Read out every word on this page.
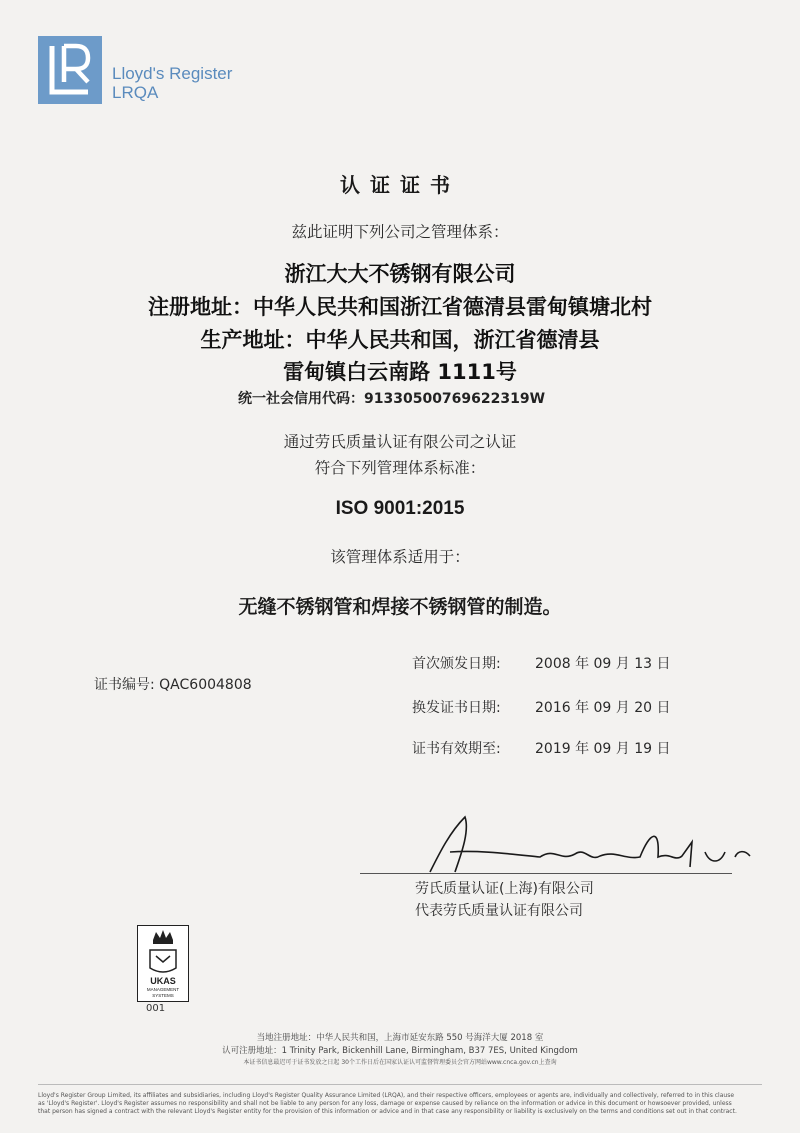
Lloyd's Register
LRQA
认证证书
兹此证明下列公司之管理体系：
浙江大大不锈钢有限公司
注册地址：中华人民共和国浙江省德清县雷甸镇塘北村
生产地址：中华人民共和国，浙江省德清县
雷甸镇白云南路 1111号
统一社会信用代码：91330500769622319W
通过劳氏质量认证有限公司之认证
符合下列管理体系标准：
ISO 9001:2015
该管理体系适用于：
无缝不锈钢管和焊接不锈钢管的制造。
证书编号: QAC6004808
首次颁发日期: 2008 年 09 月 13 日
换发证书日期: 2016 年 09 月 20 日
证书有效期至: 2019 年 09 月 19 日
劳氏质量认证(上海)有限公司
代表劳氏质量认证有限公司
UKAS
MANAGEMENT
SYSTEMS
001
当地注册地址：中华人民共和国，上海市延安东路 550 号海洋大厦 2018 室
认可注册地址：1 Trinity Park, Bickenhill Lane, Birmingham, B37 7ES, United Kingdom
本证书信息最迟可于证书发放之日起 30个工作日后在国家认证认可监督管理委员会官方网站www.cnca.gov.cn上查询
Lloyd's Register Group Limited, its affiliates and subsidiaries, including Lloyd's Register Quality Assurance Limited (LRQA), and their respective officers, employees or agents are, individually and collectively, referred to in this clause
as 'Lloyd's Register'. Lloyd's Register assumes no responsibility and shall not be liable to any person for any loss, damage or expense caused by reliance on the information or advice in this document or howsoever provided, unless
that person has signed a contract with the relevant Lloyd's Register entity for the provision of this information or advice and in that case any responsibility or liability is exclusively on the terms and conditions set out in that contract.
